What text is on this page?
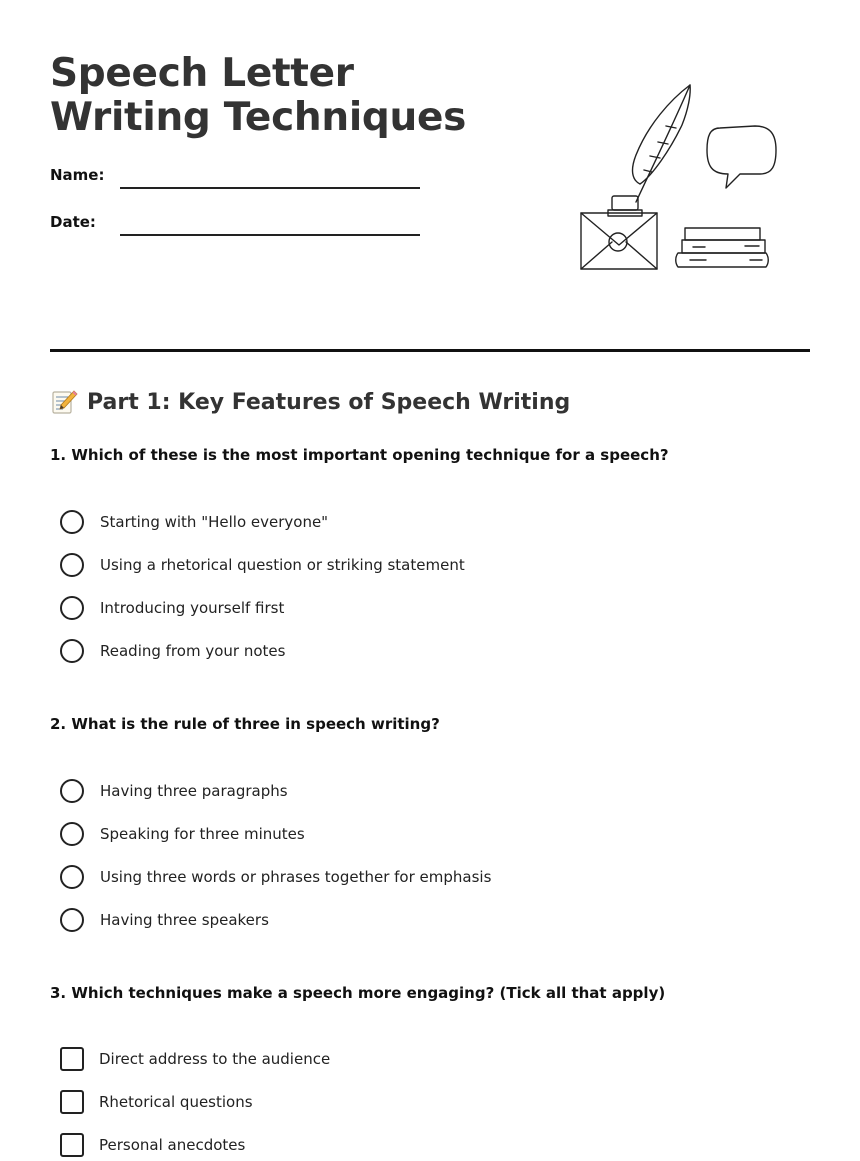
Speech Letter Writing Techniques
Name:
Date:
Part 1: Key Features of Speech Writing

1. Which of these is the most important opening technique for a speech?

Starting with "Hello everyone"
Using a rhetorical question or striking statement
Introducing yourself first
Reading from your notes

2. What is the rule of three in speech writing?

Having three paragraphs
Speaking for three minutes
Using three words or phrases together for emphasis
Having three speakers

3. Which techniques make a speech more engaging? (Tick all that apply)

Direct address to the audience
Rhetorical questions
Personal anecdotes
